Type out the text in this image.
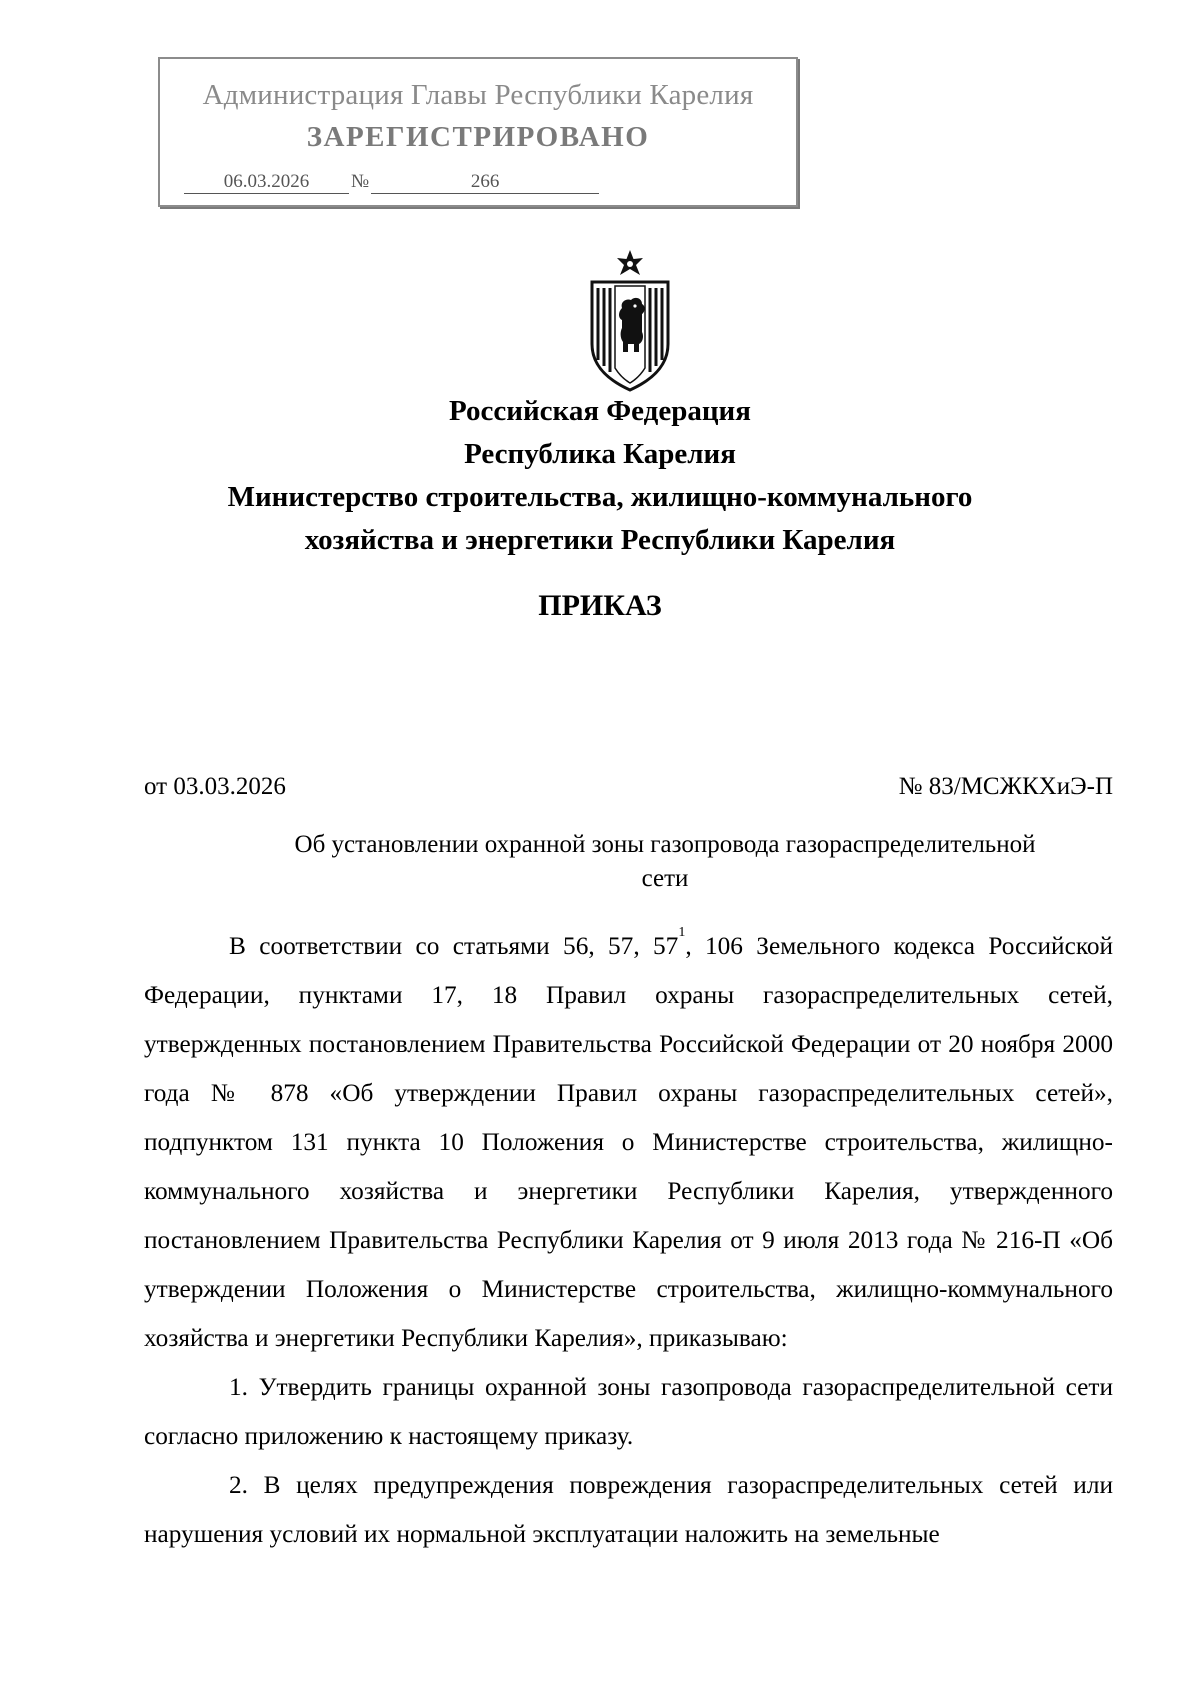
Администрация Главы Республики Карелия
ЗАРЕГИСТРИРОВАНО
06.03.2026 №	266
Российская Федерация
Республика Карелия
Министерство строительства, жилищно-коммунального
хозяйства и энергетики Республики Карелия
ПРИКАЗ
от 03.03.2026	№ 83/МСЖКХиЭ-П
Об установлении охранной зоны газопровода газораспределительной
сети

В соответствии со статьями 56, 57, $57^1$, 106 Земельного кодекса Российской Федерации, пунктами 17, 18 Правил охраны газораспределительных сетей, утвержденных постановлением Правительства Российской Федерации от 20 ноября 2000 года № 878 «Об утверждении Правил охраны газораспределительных сетей», подпунктом 131 пункта 10 Положения о Министерстве строительства, жилищно-коммунального хозяйства и энергетики Республики Карелия, утвержденного постановлением Правительства Республики Карелия от 9 июля 2013 года № 216-П «Об утверждении Положения о Министерстве строительства, жилищно-коммунального хозяйства и энергетики Республики Карелия», приказываю:

1. Утвердить границы охранной зоны газопровода газораспределительной сети согласно приложению к настоящему приказу.

2. В целях предупреждения повреждения газораспределительных сетей или нарушения условий их нормальной эксплуатации наложить на земельные
